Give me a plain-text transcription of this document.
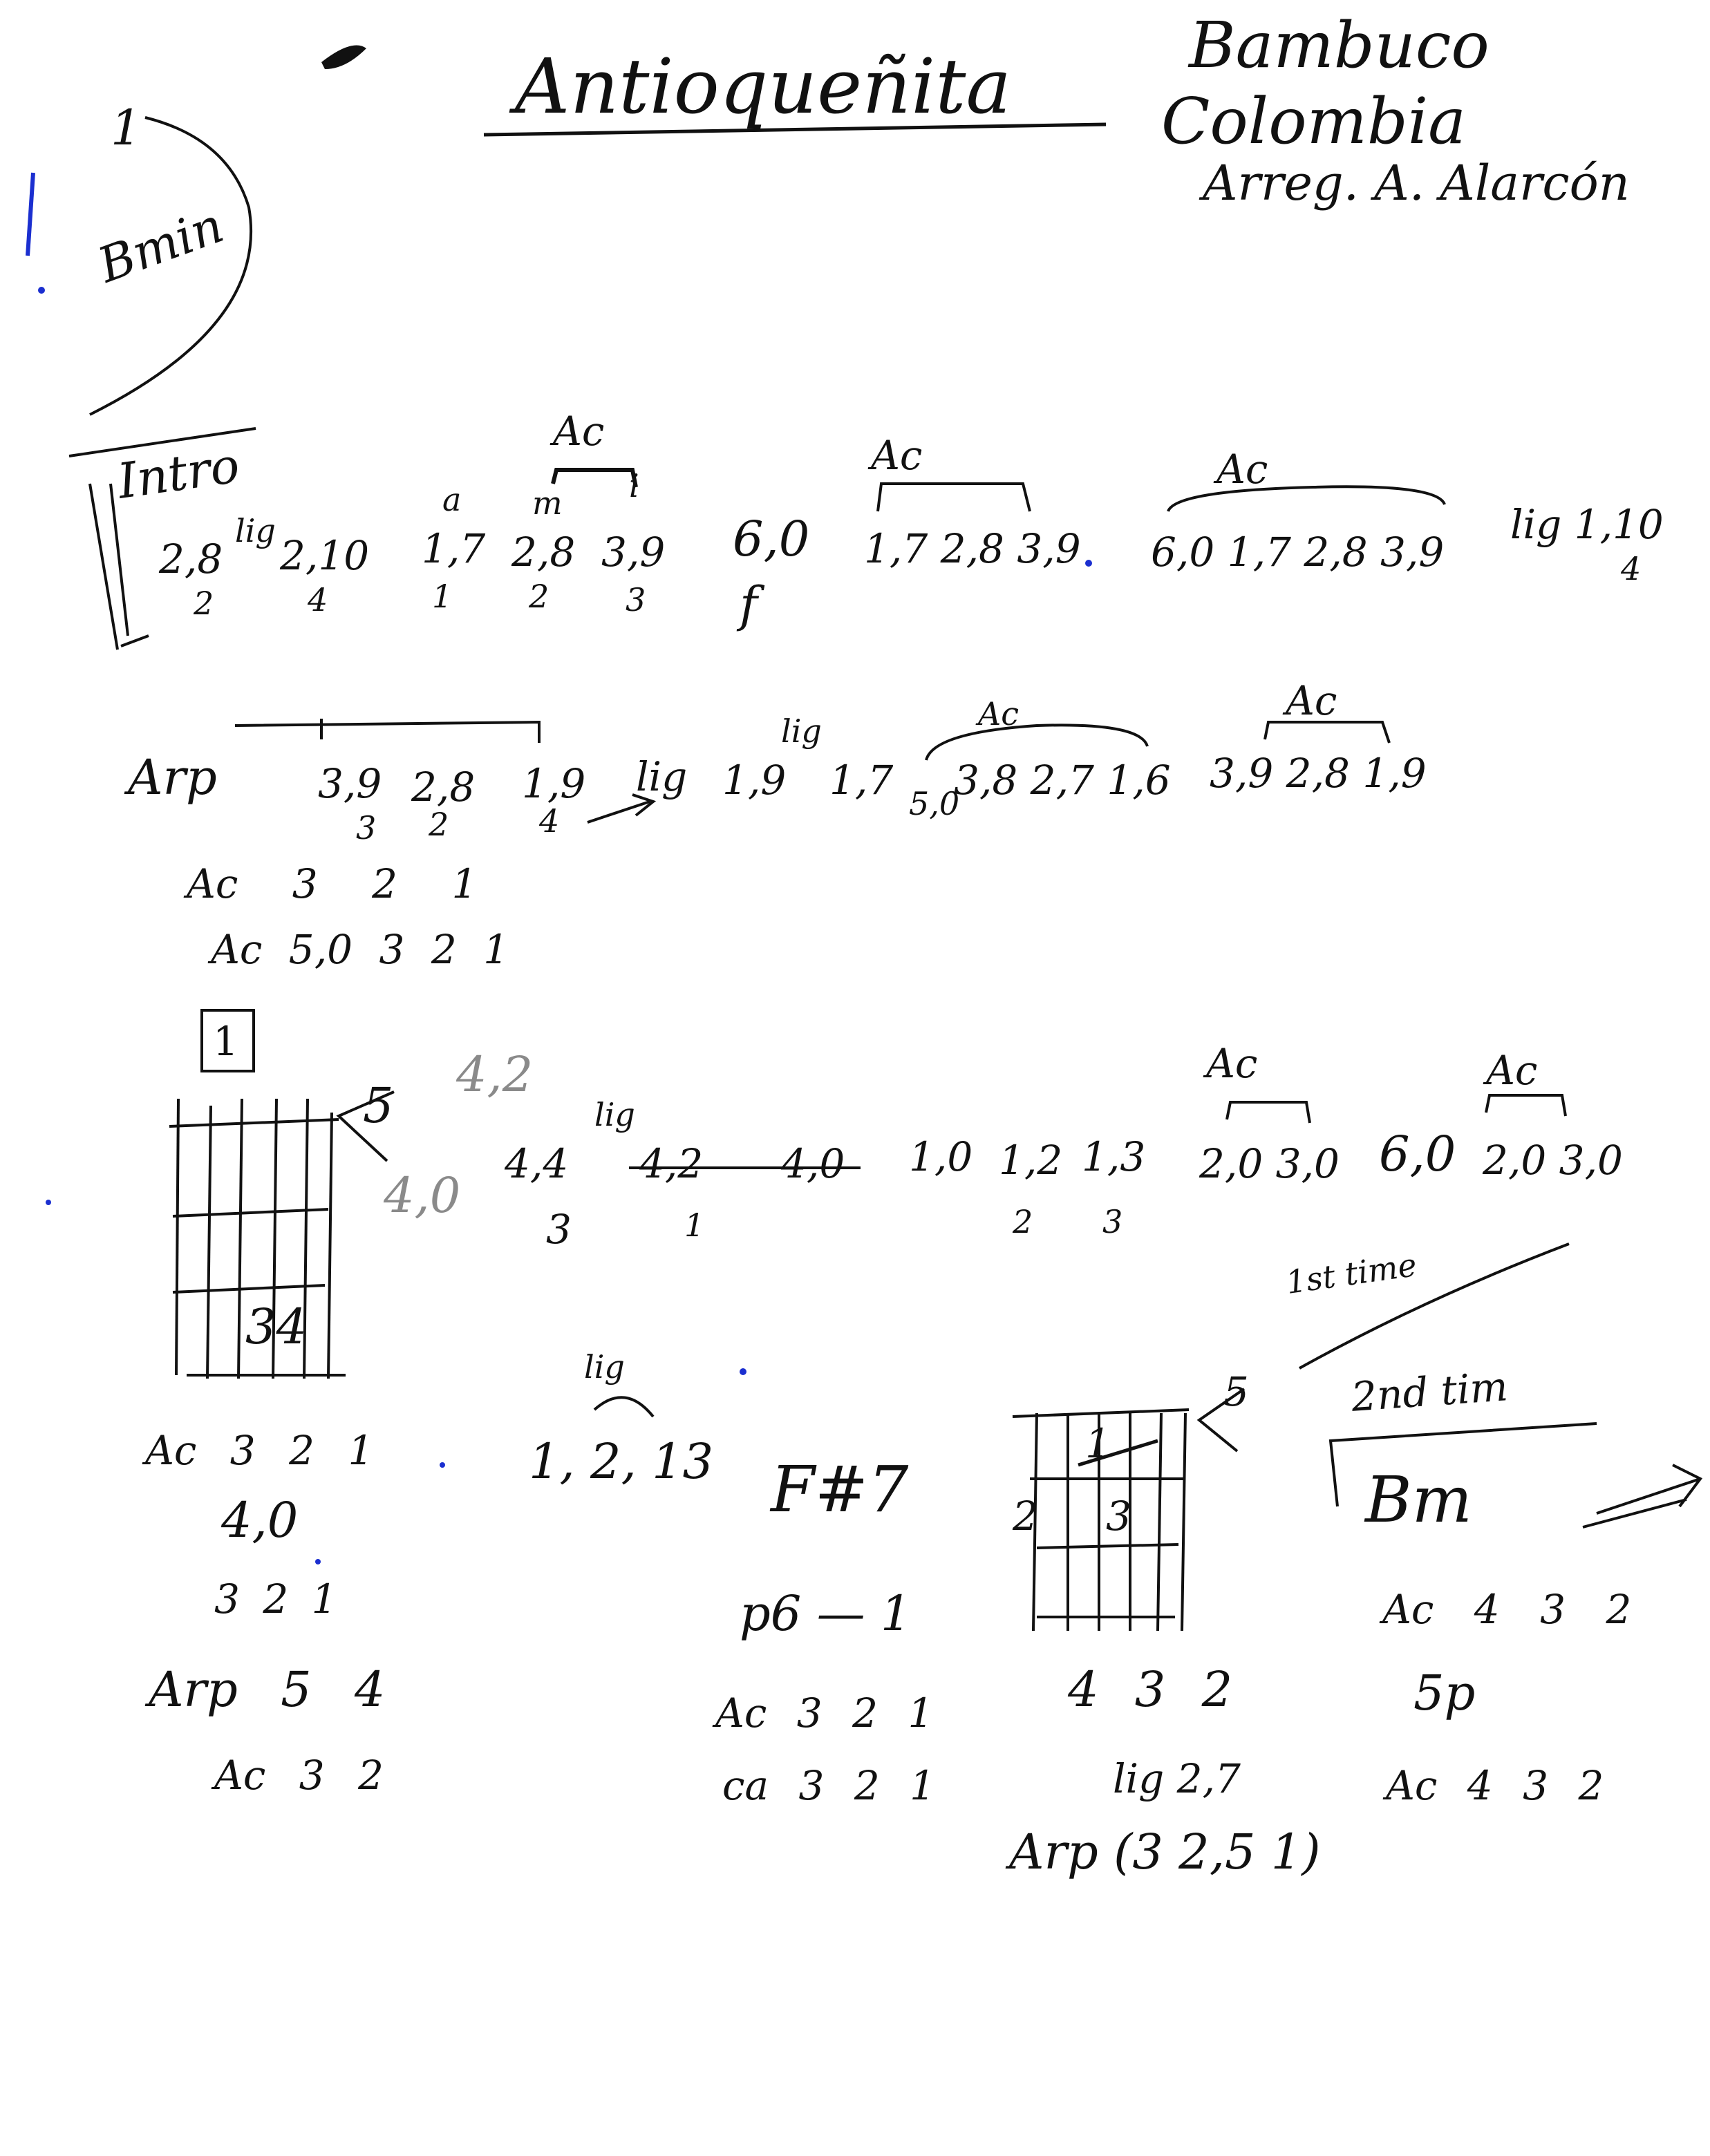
Antioqueñita	Bambuco
Colombia
Arreg. A. Alarcón
1
Bmin
Intro
Ac
Ac	Ac
2,8
lig
2
2,10
4
1,7
a
1
2,8
m
2
3,9
i
3
6,0
f
1,7 2,8 3,9 6,0 1,7 2,8 3,9
lig 1,10
4
Arp	3,9
3
2,8
2
1,9
4
lig 1,9
lig
1,7 5,0
3,8 2,7 1,6 3,9 2,8 1,9
Ac	Ac
Ac 3 2 1
Ac 5,0 3 2 1
1
5
34
4,2
4,0
4,4
3
lig
4,2
1
4,0 1,0 1,2
2
1,3
3
2,0 3,0 6,0 2,0 3,0
Ac	Ac
Ac 3 2 1
4,0
3 2 1
Arp 5 4
Ac 3 2
lig
1, 2, 13 F#7
p6 — 1
Ac 3 2 1
ca 3 2 1
5
1
2 3
4 3 2
lig 2,7
Arp (3 2,5 1)
1st time
2nd tim
Bm
Ac 4 3 2
5p
Ac 4 3 2
